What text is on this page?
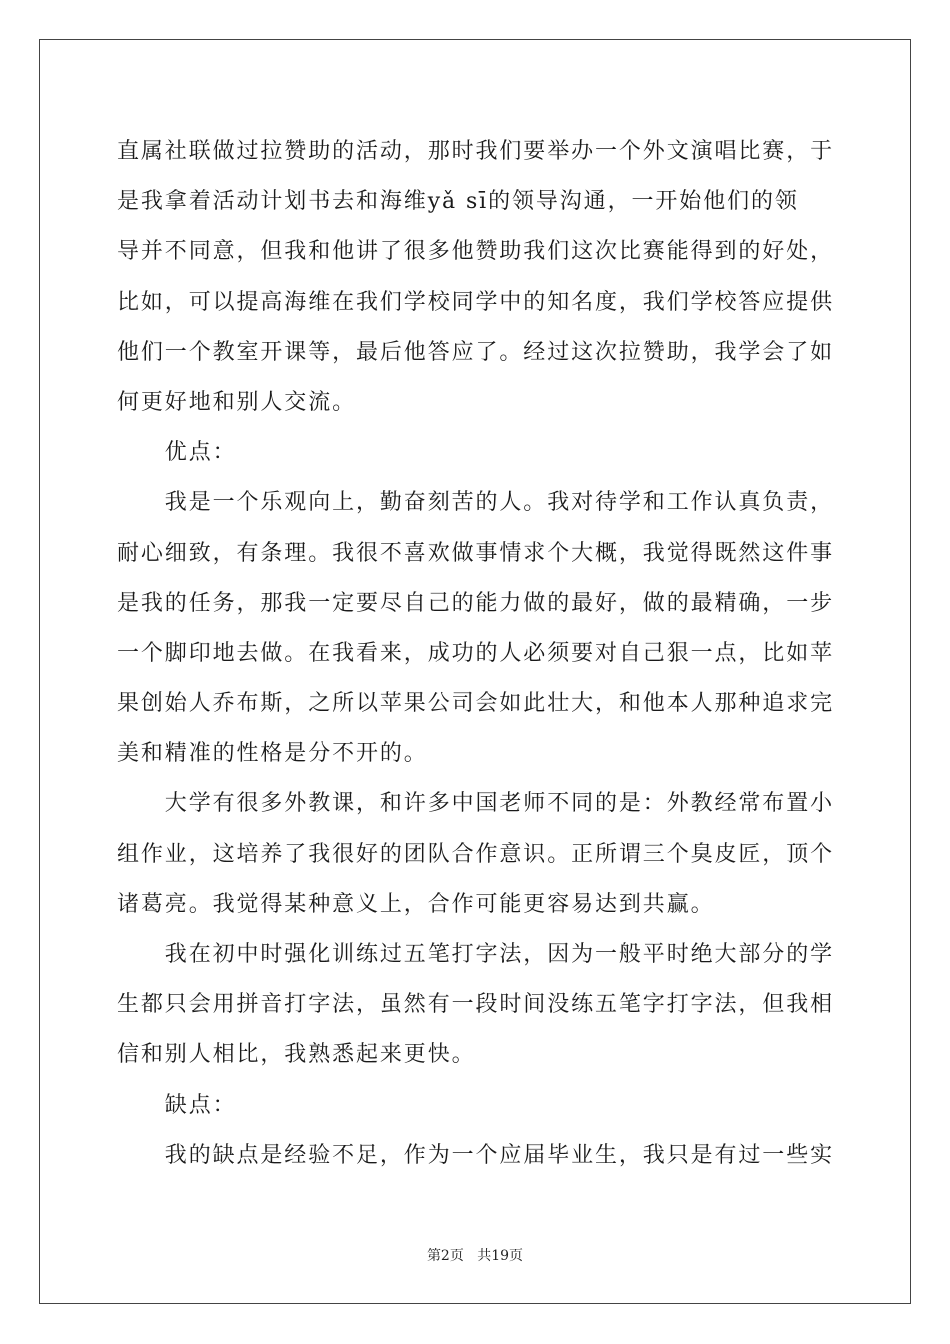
直属社联做过拉赞助的活动，那时我们要举办一个外文演唱比赛，于
是我拿着活动计划书去和海维yǎ sī的领导沟通，一开始他们的领
导并不同意，但我和他讲了很多他赞助我们这次比赛能得到的好处，
比如，可以提高海维在我们学校同学中的知名度，我们学校答应提供
他们一个教室开课等，最后他答应了。经过这次拉赞助，我学会了如
何更好地和别人交流。
　　优点：
　　我是一个乐观向上，勤奋刻苦的人。我对待学和工作认真负责，
耐心细致，有条理。我很不喜欢做事情求个大概，我觉得既然这件事
是我的任务，那我一定要尽自己的能力做的最好，做的最精确，一步
一个脚印地去做。在我看来，成功的人必须要对自己狠一点，比如苹
果创始人乔布斯，之所以苹果公司会如此壮大，和他本人那种追求完
美和精准的性格是分不开的。
　　大学有很多外教课，和许多中国老师不同的是：外教经常布置小
组作业，这培养了我很好的团队合作意识。正所谓三个臭皮匠，顶个
诸葛亮。我觉得某种意义上，合作可能更容易达到共赢。
　　我在初中时强化训练过五笔打字法，因为一般平时绝大部分的学
生都只会用拼音打字法，虽然有一段时间没练五笔字打字法，但我相
信和别人相比，我熟悉起来更快。
　　缺点：
　　我的缺点是经验不足，作为一个应届毕业生，我只是有过一些实
第2页 共19页
